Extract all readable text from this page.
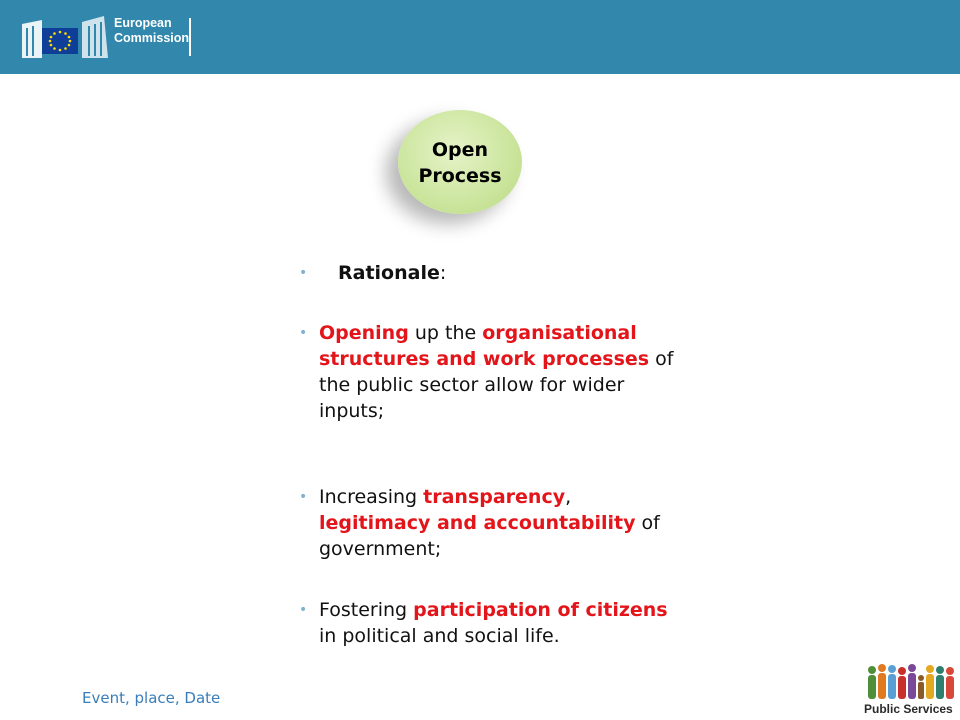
European
Commission
Open
Process
• Rationale:
• Opening up the organisational structures and work processes of the public sector allow for wider inputs;
• Increasing transparency, legitimacy and accountability of government;
• Fostering participation of citizens in political and social life.
Event, place, Date
Public Services
